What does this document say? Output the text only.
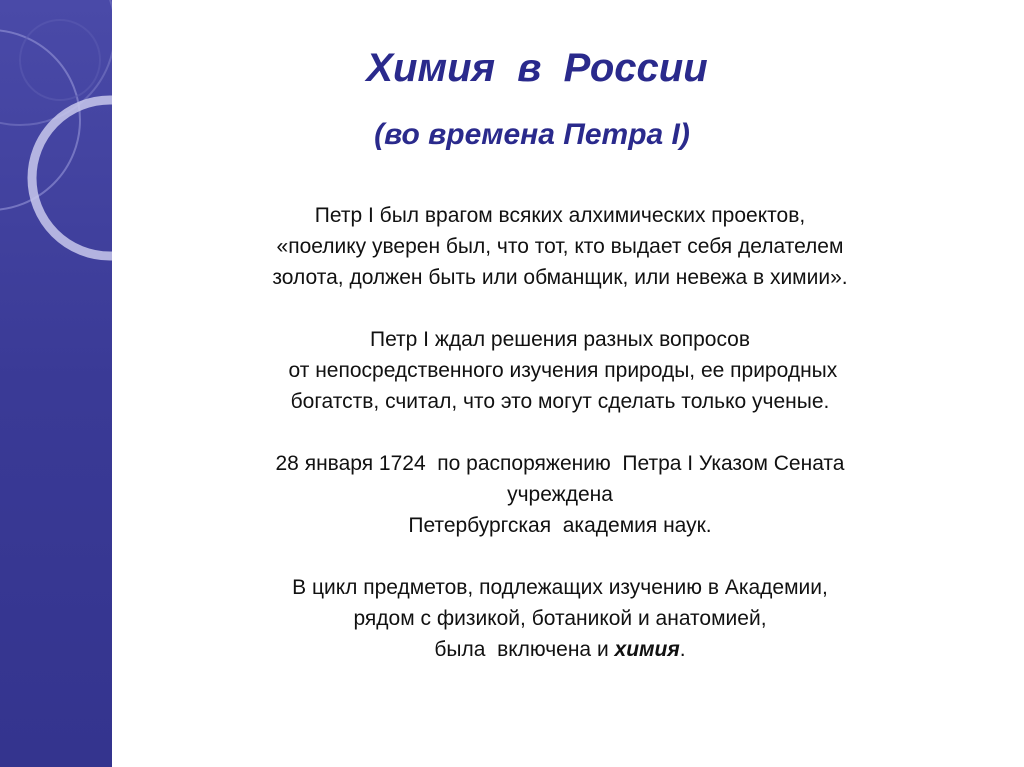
Химия  в  России
(во времена Петра I)

Петр I был врагом всяких алхимических проектов,
«поелику уверен был, что тот, кто выдает себя делателем
золота, должен быть или обманщик, или невежа в химии».

Петр I ждал решения разных вопросов
от непосредственного изучения природы, ее природных
богатств, считал, что это могут сделать только ученые.

28 января 1724  по распоряжению  Петра I Указом Сената
учреждена
Петербургская  академия наук.

В цикл предметов, подлежащих изучению в Академии,
рядом с физикой, ботаникой и анатомией,
была  включена и химия.
